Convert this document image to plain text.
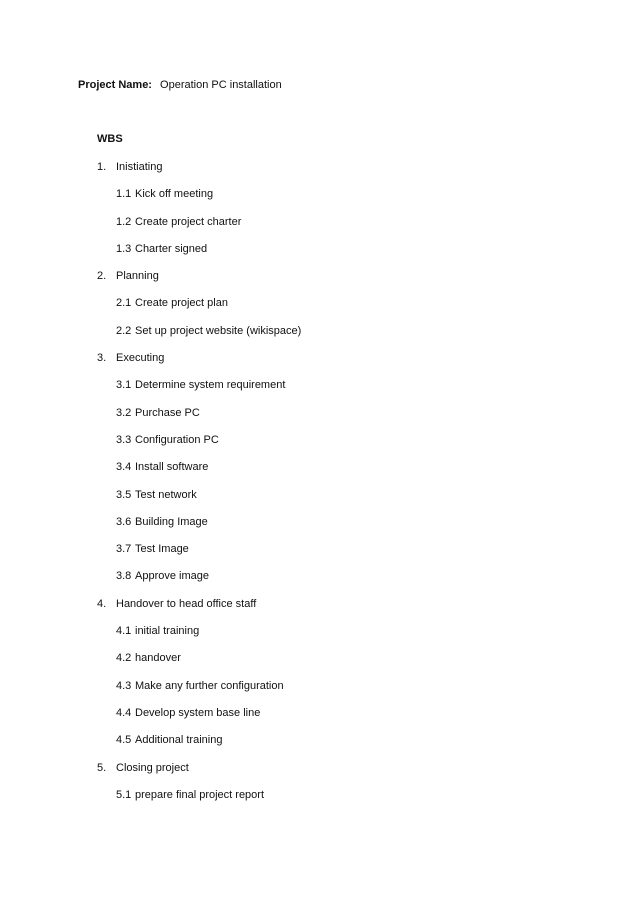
Project Name: Operation PC installation
WBS
1. Inistiating
1.1 Kick off meeting
1.2 Create project charter
1.3 Charter signed
2. Planning
2.1 Create project plan
2.2 Set up project website (wikispace)
3. Executing
3.1 Determine system requirement
3.2 Purchase PC
3.3 Configuration PC
3.4 Install software
3.5 Test network
3.6 Building Image
3.7 Test Image
3.8 Approve image
4. Handover to head office staff
4.1 initial training
4.2 handover
4.3 Make any further configuration
4.4 Develop system base line
4.5 Additional training
5. Closing project
5.1 prepare final project report
